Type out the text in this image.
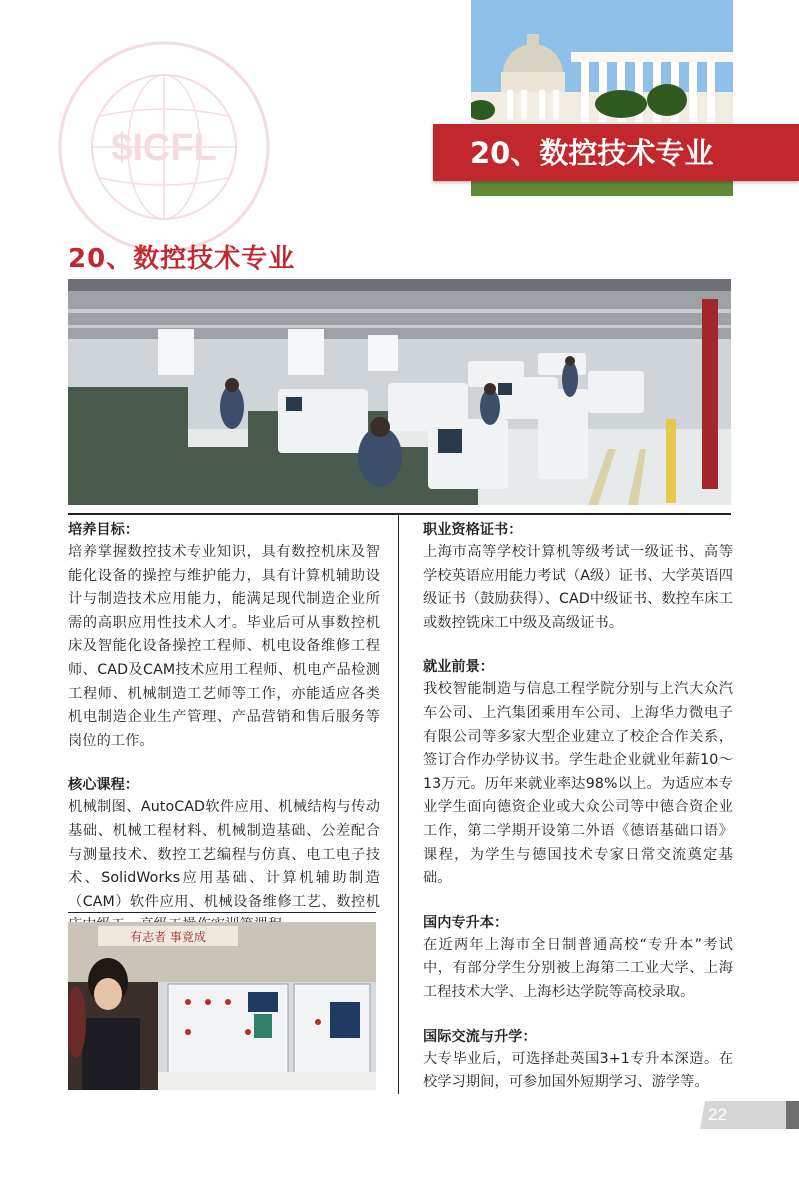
$ICFL	20、数控技术专业
20、数控技术专业
培养目标：
培养掌握数控技术专业知识，具有数控机床及智能化设备的操控与维护能力，具有计算机辅助设计与制造技术应用能力，能满足现代制造企业所需的高职应用性技术人才。毕业后可从事数控机床及智能化设备操控工程师、机电设备维修工程师、CAD及CAM技术应用工程师、机电产品检测工程师、机械制造工艺师等工作，亦能适应各类机电制造企业生产管理、产品营销和售后服务等岗位的工作。
核心课程：
机械制图、AutoCAD软件应用、机械结构与传动基础、机械工程材料、机械制造基础、公差配合与测量技术、数控工艺编程与仿真、电工电子技术、SolidWorks应用基础、计算机辅助制造（CAM）软件应用、机械设备维修工艺、数控机
有志者 事竟成
职业资格证书：
上海市高等学校计算机等级考试一级证书、高等学校英语应用能力考试（A级）证书、大学英语四级证书（鼓励获得）、CAD中级证书、数控车床工或数控铣床工中级及高级证书。
就业前景：
我校智能制造与信息工程学院分别与上汽大众汽车公司、上汽集团乘用车公司、上海华力微电子有限公司等多家大型企业建立了校企合作关系，签订合作办学协议书。学生赴企业就业年薪10～13万元。历年来就业率达98%以上。为适应本专业学生面向德资企业或大众公司等中德合资企业工作，第二学期开设第二外语《德语基础口语》课程，为学生与德国技术专家日常交流奠定基础。
国内专升本：
在近两年上海市全日制普通高校“专升本”考试中，有部分学生分别被上海第二工业大学、上海工程技术大学、上海杉达学院等高校录取。
国际交流与升学：
大专毕业后，可选择赴英国3+1专升本深造。在校学习期间，可参加国外短期学习、游学等。
22
